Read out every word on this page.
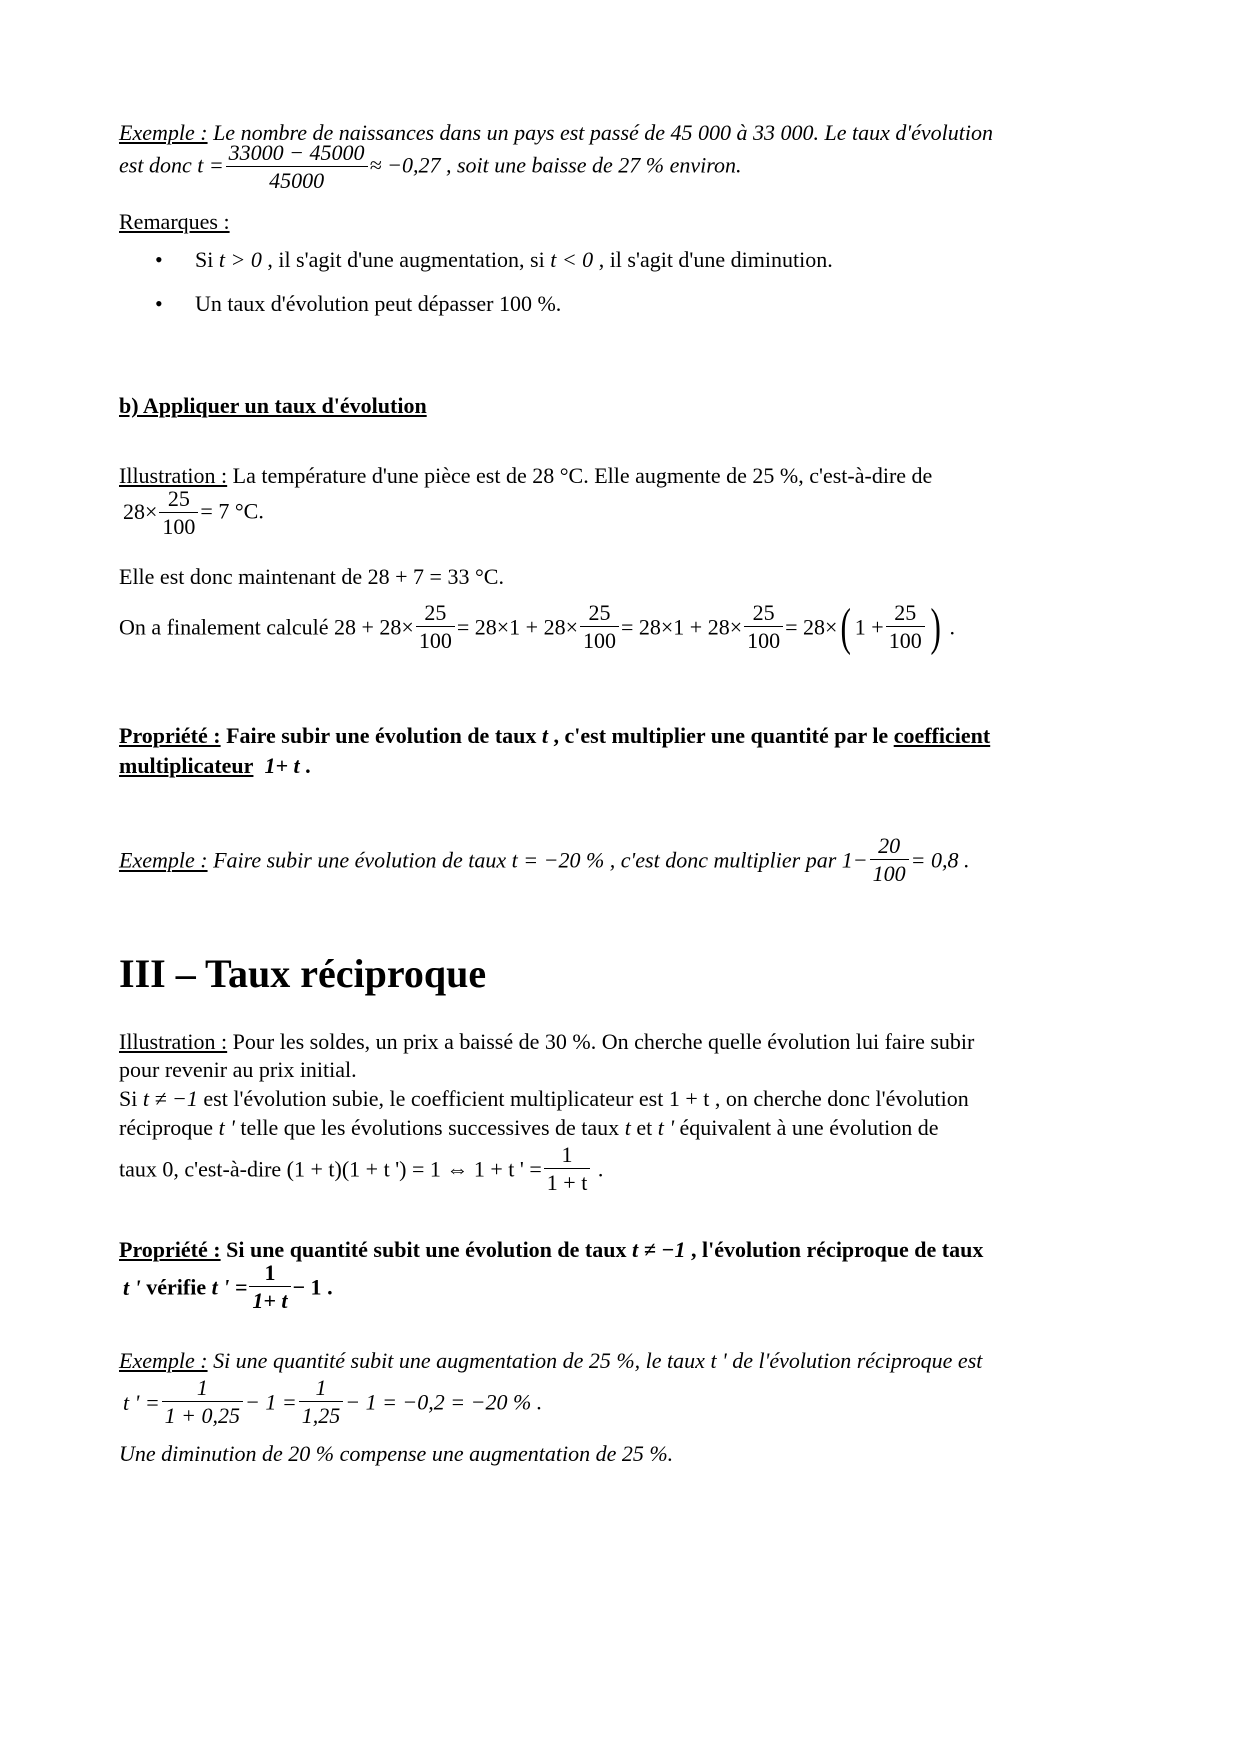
Exemple : Le nombre de naissances dans un pays est passé de 45 000 à 33 000. Le taux d'évolution
est donc $t = \frac{33000 - 45000}{45000} \approx -0,27$ , soit une baisse de 27 % environ.
Remarques :
• Si t > 0 , il s'agit d'une augmentation, si t < 0 , il s'agit d'une diminution.
• Un taux d'évolution peut dépasser 100 %.
b) Appliquer un taux d'évolution
Illustration : La température d'une pièce est de 28 °C. Elle augmente de 25 %, c'est-à-dire de
$28\times \frac{25}{100} = 7$ °C.
Elle est donc maintenant de 28 + 7 = 33 °C.
On a finalement calculé $28 + 28\times \frac{25}{100} = 28\times 1 + 28\times \frac{25}{100} = 28\times 1 + 28\times \frac{25}{100} = 28\times$( $1 + \frac{25}{100}$ ) .
Propriété : Faire subir une évolution de taux t , c'est multiplier une quantité par le coefficient
multiplicateur 1+ t .
Exemple : Faire subir une évolution de taux t = −20 % , c'est donc multiplier par $1- \frac{20}{100} = 0,8$ .
III – Taux réciproque
Illustration : Pour les soldes, un prix a baissé de 30 %. On cherche quelle évolution lui faire subir
pour revenir au prix initial.
Si t ≠ −1 est l'évolution subie, le coefficient multiplicateur est 1 + t , on cherche donc l'évolution
réciproque t ' telle que les évolutions successives de taux t et t ' équivalent à une évolution de
taux 0, c'est-à-dire (1 + t)(1 + t ') = 1 ⇔ 1 + t ' = $\frac{1}{1 + t}$ .
Propriété : Si une quantité subit une évolution de taux t ≠ −1 , l'évolution réciproque de taux
t ' vérifie t ' = $\frac{1}{1+ t} - 1$ .
Exemple : Si une quantité subit une augmentation de 25 %, le taux t ' de l'évolution réciproque est
t ' = $\frac{1}{1 + 0,25} - 1 = \frac{1}{1,25} - 1 = -0,2 = -20$ % .
Une diminution de 20 % compense une augmentation de 25 %.
